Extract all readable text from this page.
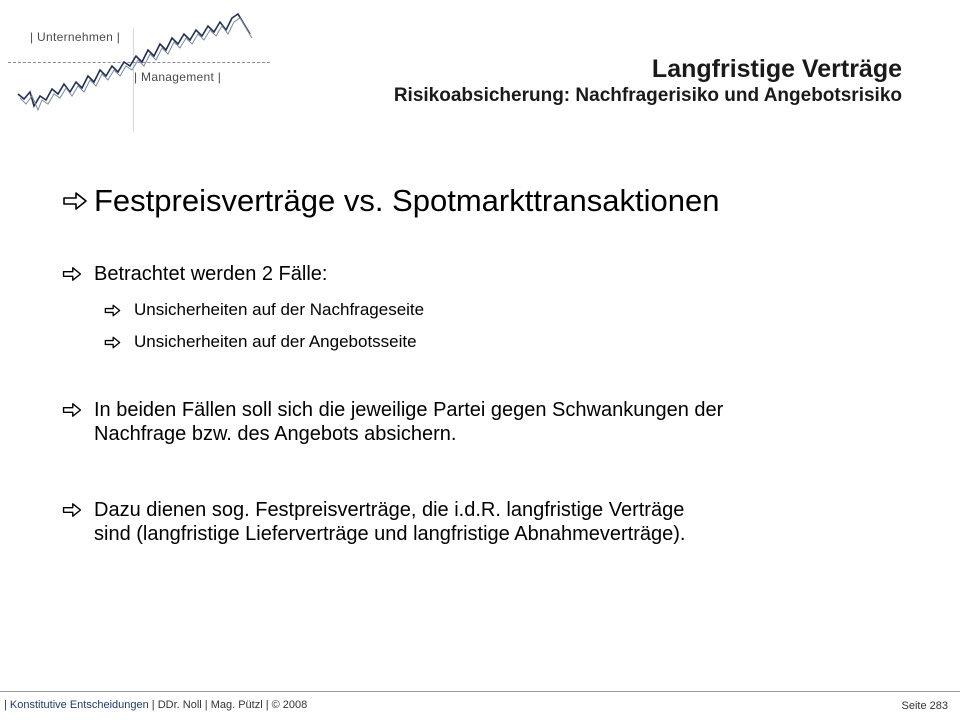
| Unternehmen |
| Management |	Langfristige Verträge
Risikoabsicherung: Nachfragerisiko und Angebotsrisiko
Festpreisverträge vs. Spotmarkttransaktionen
Betrachtet werden 2 Fälle:
Unsicherheiten auf der Nachfrageseite
Unsicherheiten auf der Angebotsseite
In beiden Fällen soll sich die jeweilige Partei gegen Schwankungen der
Nachfrage bzw. des Angebots absichern.
Dazu dienen sog. Festpreisverträge, die i.d.R. langfristige Verträge
sind (langfristige Lieferverträge und langfristige Abnahmeverträge).
| Konstitutive Entscheidungen | DDr. Noll | Mag. Pützl | © 2008	Seite 283
